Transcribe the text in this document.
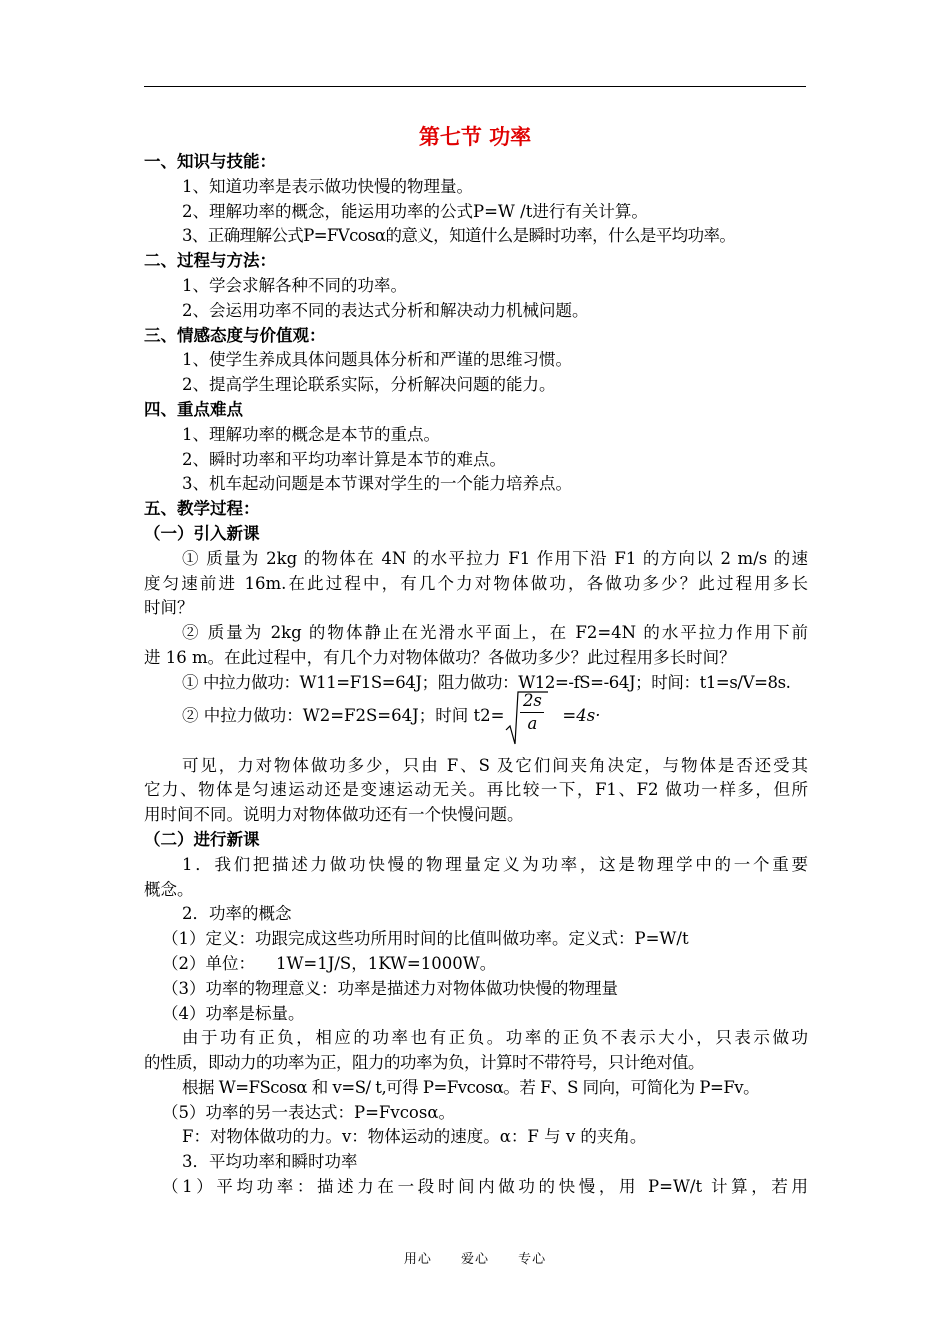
第七节 功率
一、知识与技能：
1、知道功率是表示做功快慢的物理量。
2、理解功率的概念，能运用功率的公式P=W /t进行有关计算。
3、正确理解公式P=FVcosα的意义，知道什么是瞬时功率，什么是平均功率。
二、过程与方法：
1、学会求解各种不同的功率。
2、会运用功率不同的表达式分析和解决动力机械问题。
三、情感态度与价值观：
1、使学生养成具体问题具体分析和严谨的思维习惯。
2、提高学生理论联系实际，分析解决问题的能力。
四、重点难点
1、理解功率的概念是本节的重点。
2、瞬时功率和平均功率计算是本节的难点。
3、机车起动问题是本节课对学生的一个能力培养点。
五、教学过程：
（一）引入新课
① 质量为 2kg 的物体在 4N 的水平拉力 F1 作用下沿 F1 的方向以 2 m/s 的速
度匀速前进 16m.在此过程中，有几个力对物体做功，各做功多少？此过程用多长
时间？
② 质量为 2kg 的物体静止在光滑水平面上，在 F2=4N 的水平拉力作用下前
进 16 m。在此过程中，有几个力对物体做功？各做功多少？此过程用多长时间？
① 中拉力做功：W11=F1S=64J；阻力做功：W12=-fS=-64J；时间：t1=s/V=8s.
② 中拉力做功：W2=F2S=64J；时间 t2=
2s
a	=4s·
可见，力对物体做功多少，只由 F、S 及它们间夹角决定，与物体是否还受其
它力、物体是匀速运动还是变速运动无关。再比较一下，F1、F2 做功一样多，但所
用时间不同。说明力对物体做功还有一个快慢问题。
（二）进行新课
1．我们把描述力做功快慢的物理量定义为功率，这是物理学中的一个重要
概念。
2．功率的概念
（1）定义：功跟完成这些功所用时间的比值叫做功率。定义式：P=W/t
（2）单位：    1W=1J/S，1KW=1000W。
（3）功率的物理意义：功率是描述力对物体做功快慢的物理量
（4）功率是标量。
由于功有正负，相应的功率也有正负。功率的正负不表示大小，只表示做功
的性质，即动力的功率为正，阻力的功率为负，计算时不带符号，只计绝对值。
根据 W=FScosα 和 v=S/ t,可得 P=Fvcosα。若 F、S 同向，可简化为 P=Fv。
（5）功率的另一表达式：P=Fvcosα。
F：对物体做功的力。v：物体运动的速度。α：F 与 v 的夹角。
3．平均功率和瞬时功率
（1）平均功率：描述力在一段时间内做功的快慢，用 P=W/t 计算，若用
用心 爱心 专心
